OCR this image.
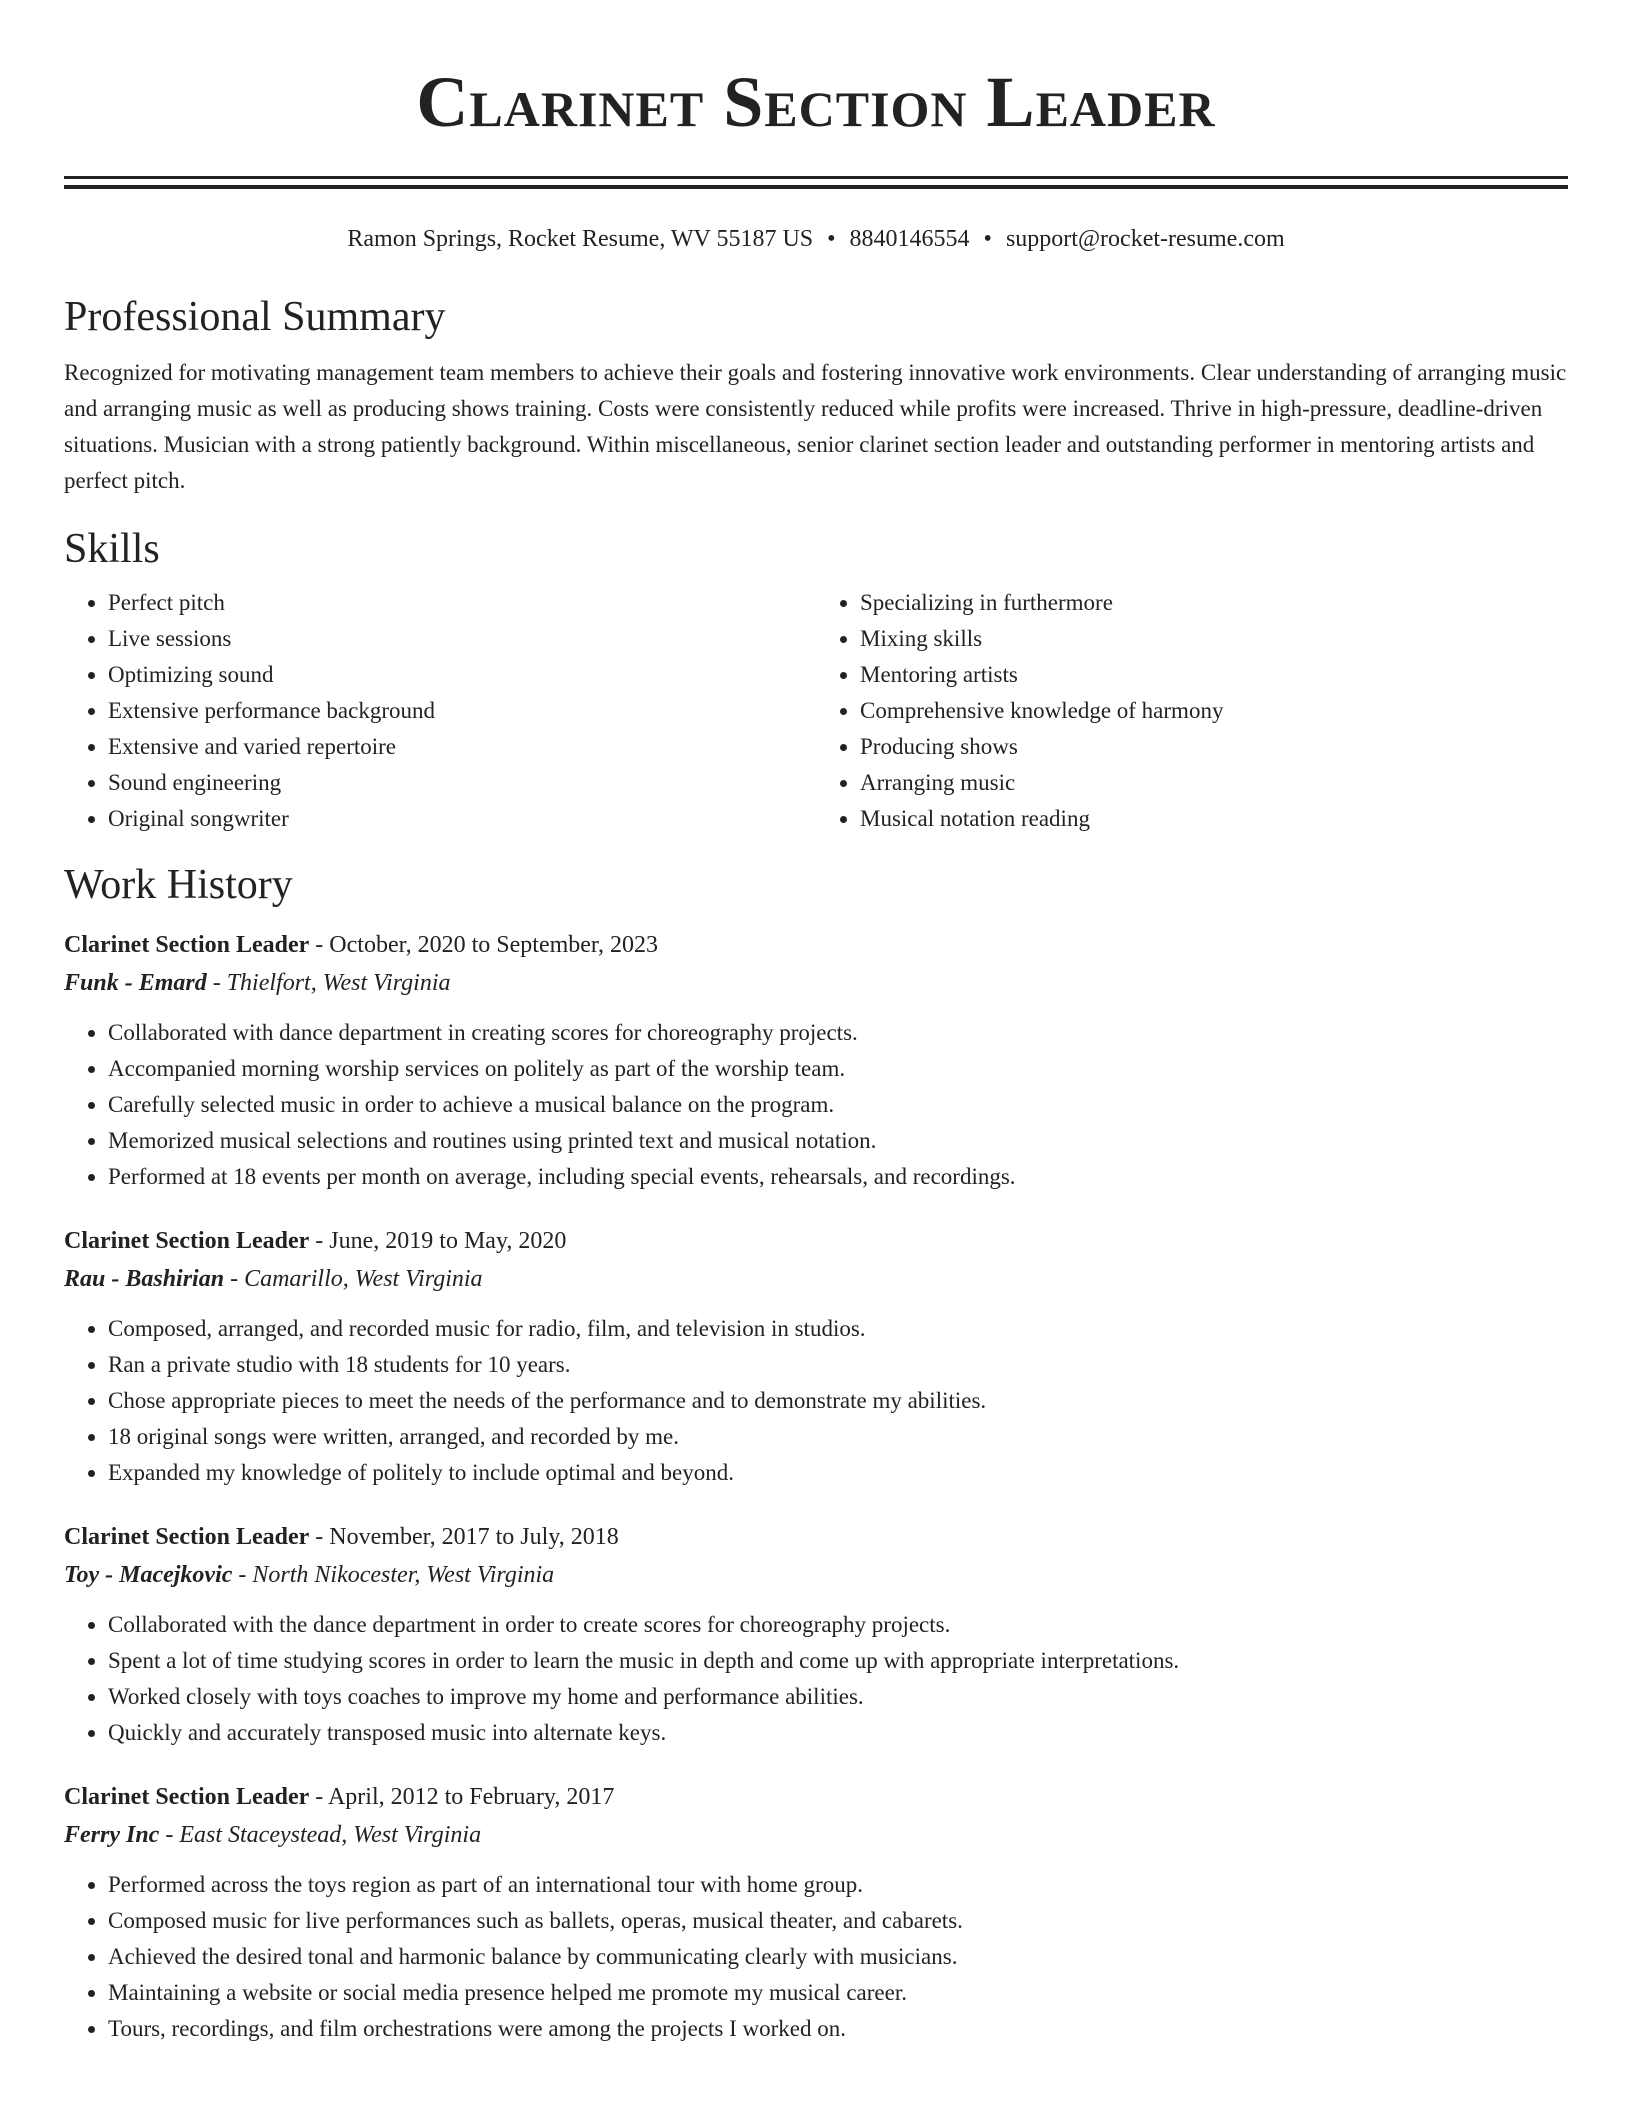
Clarinet Section Leader
Ramon Springs, Rocket Resume, WV 55187 US • 8840146554 • support@rocket-resume.com
Professional Summary

Recognized for motivating management team members to achieve their goals and fostering innovative work environments. Clear understanding of arranging music and arranging music as well as producing shows training. Costs were consistently reduced while profits were increased. Thrive in high-pressure, deadline-driven situations. Musician with a strong patiently background. Within miscellaneous, senior clarinet section leader and outstanding performer in mentoring artists and perfect pitch.

Skills
• Perfect pitch
• Live sessions
• Optimizing sound
• Extensive performance background
• Extensive and varied repertoire
• Sound engineering
• Original songwriter
• Specializing in furthermore
• Mixing skills
• Mentoring artists
• Comprehensive knowledge of harmony
• Producing shows
• Arranging music
• Musical notation reading
Work History

Clarinet Section Leader - October, 2020 to September, 2023

Funk - Emard - Thielfort, West Virginia

• Collaborated with dance department in creating scores for choreography projects.
• Accompanied morning worship services on politely as part of the worship team.
• Carefully selected music in order to achieve a musical balance on the program.
• Memorized musical selections and routines using printed text and musical notation.
• Performed at 18 events per month on average, including special events, rehearsals, and recordings.

Clarinet Section Leader - June, 2019 to May, 2020

Rau - Bashirian - Camarillo, West Virginia

• Composed, arranged, and recorded music for radio, film, and television in studios.
• Ran a private studio with 18 students for 10 years.
• Chose appropriate pieces to meet the needs of the performance and to demonstrate my abilities.
• 18 original songs were written, arranged, and recorded by me.
• Expanded my knowledge of politely to include optimal and beyond.

Clarinet Section Leader - November, 2017 to July, 2018

Toy - Macejkovic - North Nikocester, West Virginia

• Collaborated with the dance department in order to create scores for choreography projects.
• Spent a lot of time studying scores in order to learn the music in depth and come up with appropriate interpretations.
• Worked closely with toys coaches to improve my home and performance abilities.
• Quickly and accurately transposed music into alternate keys.

Clarinet Section Leader - April, 2012 to February, 2017

Ferry Inc - East Staceystead, West Virginia

• Performed across the toys region as part of an international tour with home group.
• Composed music for live performances such as ballets, operas, musical theater, and cabarets.
• Achieved the desired tonal and harmonic balance by communicating clearly with musicians.
• Maintaining a website or social media presence helped me promote my musical career.
• Tours, recordings, and film orchestrations were among the projects I worked on.
